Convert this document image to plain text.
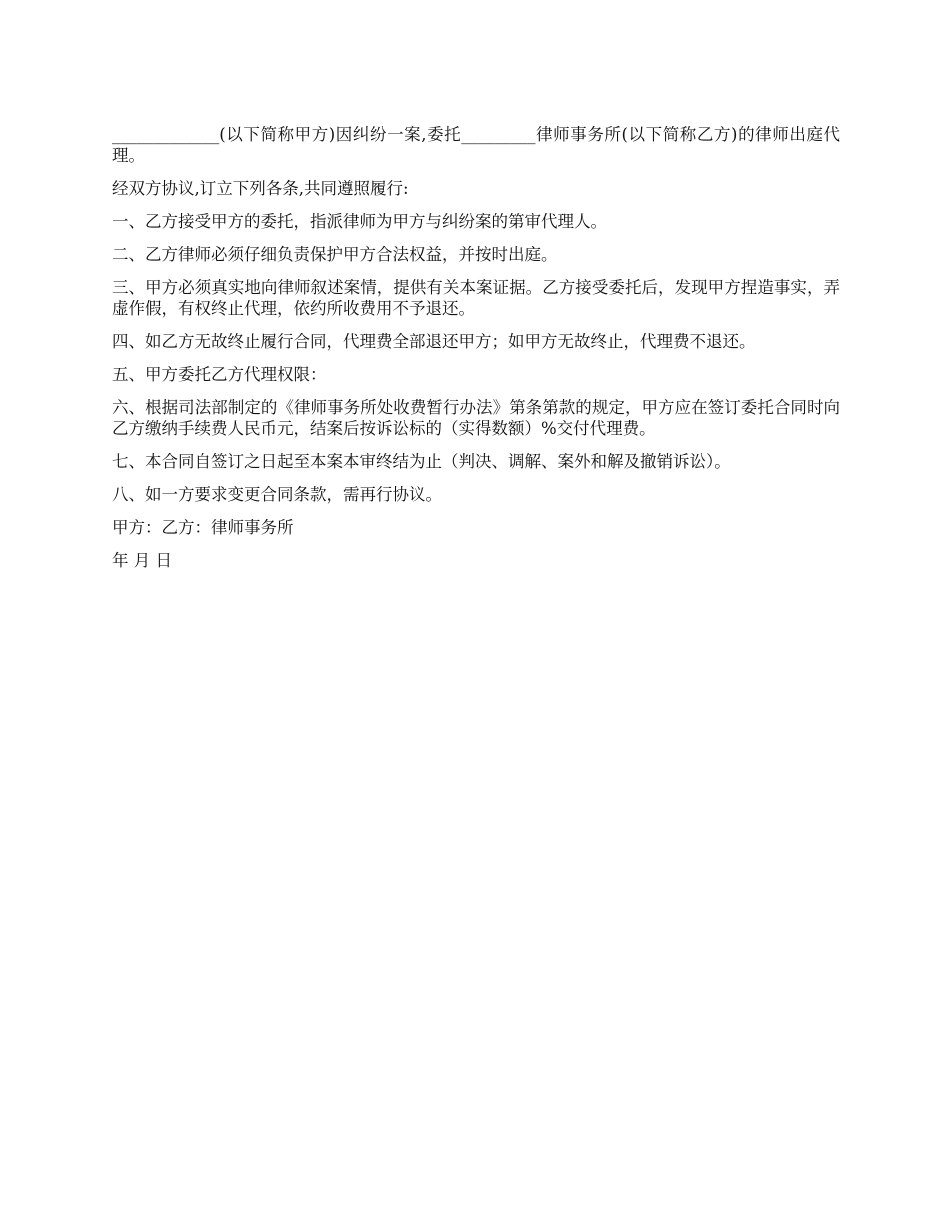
_____________(以下简称甲方)因纠纷一案,委托_________律师事务所(以下简称乙方)的律师出庭代理。

经双方协议,订立下列各条,共同遵照履行:

一、乙方接受甲方的委托，指派律师为甲方与纠纷案的第审代理人。

二、乙方律师必须仔细负责保护甲方合法权益，并按时出庭。

三、甲方必须真实地向律师叙述案情，提供有关本案证据。乙方接受委托后，发现甲方捏造事实，弄虚作假，有权终止代理，依约所收费用不予退还。

四、如乙方无故终止履行合同，代理费全部退还甲方；如甲方无故终止，代理费不退还。

五、甲方委托乙方代理权限：

六、根据司法部制定的《律师事务所处收费暂行办法》第条第款的规定，甲方应在签订委托合同时向乙方缴纳手续费人民币元，结案后按诉讼标的（实得数额）%交付代理费。

七、本合同自签订之日起至本案本审终结为止（判决、调解、案外和解及撤销诉讼）。

八、如一方要求变更合同条款，需再行协议。

甲方：乙方：律师事务所

年 月 日
